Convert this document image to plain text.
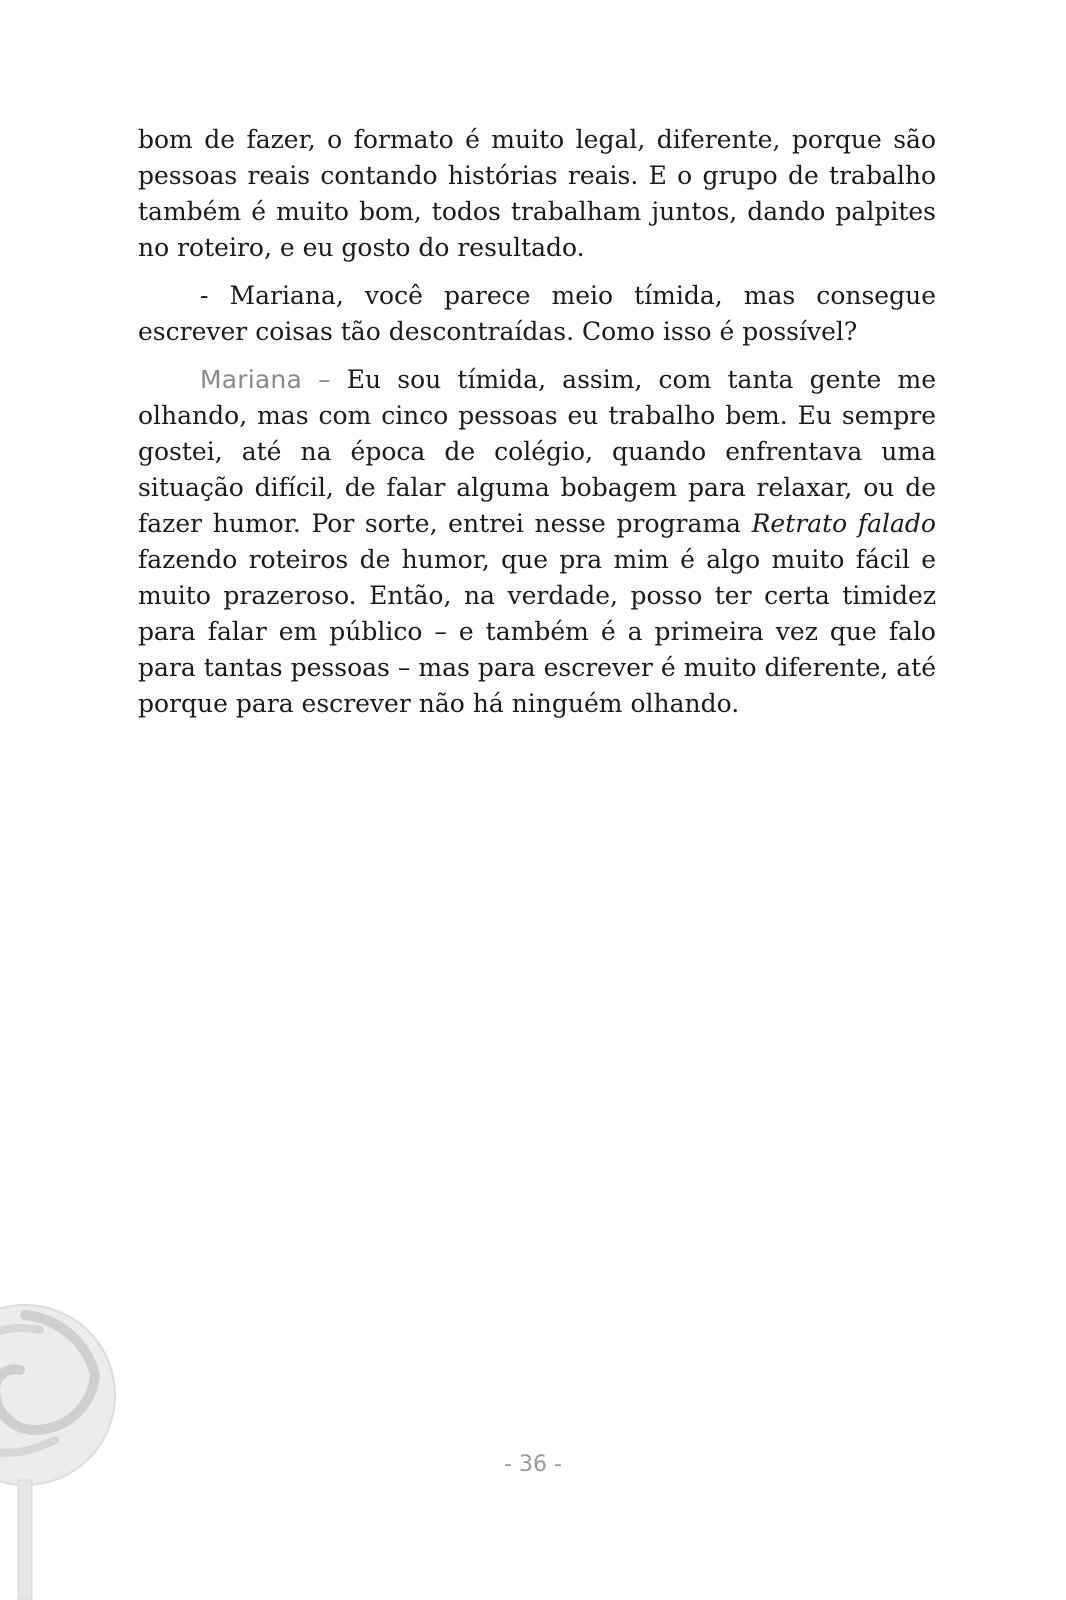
bom de fazer, o formato é muito legal, diferente, porque são pessoas reais contando histórias reais. E o grupo de trabalho também é muito bom, todos trabalham juntos, dando palpites no roteiro, e eu gosto do resultado.

- Mariana, você parece meio tímida, mas consegue escrever coisas tão descontraídas. Como isso é possível?

Mariana – Eu sou tímida, assim, com tanta gente me olhando, mas com cinco pessoas eu trabalho bem. Eu sempre gostei, até na época de colégio, quando enfrentava uma situação difícil, de falar alguma bobagem para relaxar, ou de fazer humor. Por sorte, entrei nesse programa Retrato falado fazendo roteiros de humor, que pra mim é algo muito fácil e muito prazeroso. Então, na verdade, posso ter certa timidez para falar em público – e também é a primeira vez que falo para tantas pessoas – mas para escrever é muito diferente, até porque para escrever não há ninguém olhando.

- 36 -
